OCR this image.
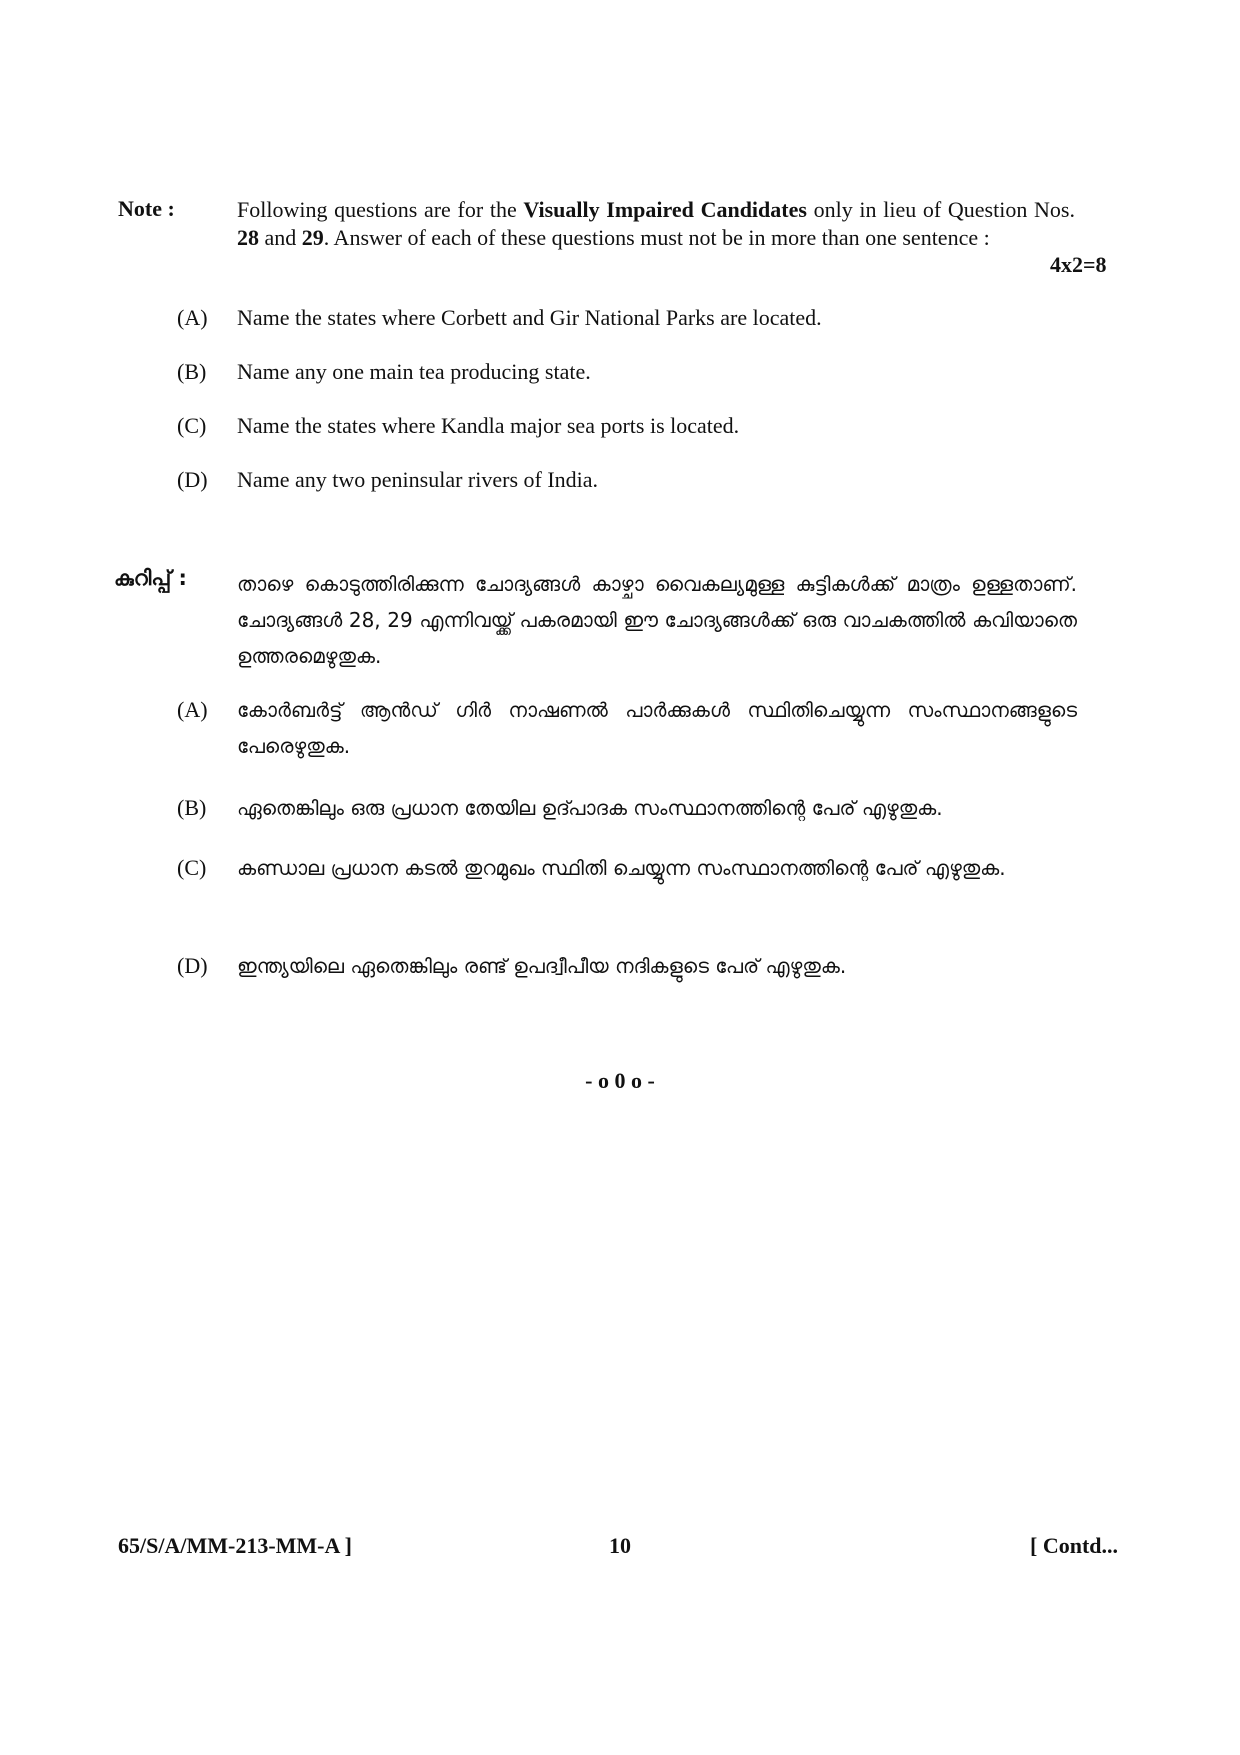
Note :	Following questions are for the Visually Impaired Candidates only in lieu of Question Nos. 28 and 29. Answer of each of these questions must not be in more than one sentence :
4x2=8
(A) Name the states where Corbett and Gir National Parks are located.
(B) Name any one main tea producing state.
(C) Name the states where Kandla major sea ports is located.
(D) Name any two peninsular rivers of India.
കുറിപ്പ് :	താഴെ കൊടുത്തിരിക്കുന്ന ചോദ്യങ്ങൾ കാഴ്ചാ വൈകല്യമുള്ള കുട്ടികൾക്ക് മാത്രം ഉള്ളതാണ്. ചോദ്യങ്ങൾ 28, 29 എന്നിവയ്ക്ക് പകരമായി ഈ ചോദ്യങ്ങൾക്ക് ഒരു വാചകത്തിൽ കവിയാതെ ഉത്തരമെഴുതുക.
(A) കോർബർട്ട് ആൻഡ് ഗിർ നാഷണൽ പാർക്കുകൾ സ്ഥിതിചെയ്യുന്ന സംസ്ഥാനങ്ങളുടെ പേരെഴുതുക.
(B) ഏതെങ്കിലും ഒരു പ്രധാന തേയില ഉദ്പാദക സംസ്ഥാനത്തിന്റെ പേര് എഴുതുക.
(C) കണ്ഡാല പ്രധാന കടൽ തുറമുഖം സ്ഥിതി ചെയ്യുന്ന സംസ്ഥാനത്തിന്റെ പേര് എഴുതുക.
(D) ഇന്ത്യയിലെ ഏതെങ്കിലും രണ്ട് ഉപദ്വീപീയ നദികളുടെ പേര് എഴുതുക.
- o 0 o -
65/S/A/MM-213-MM-A ]	10	[ Contd...
